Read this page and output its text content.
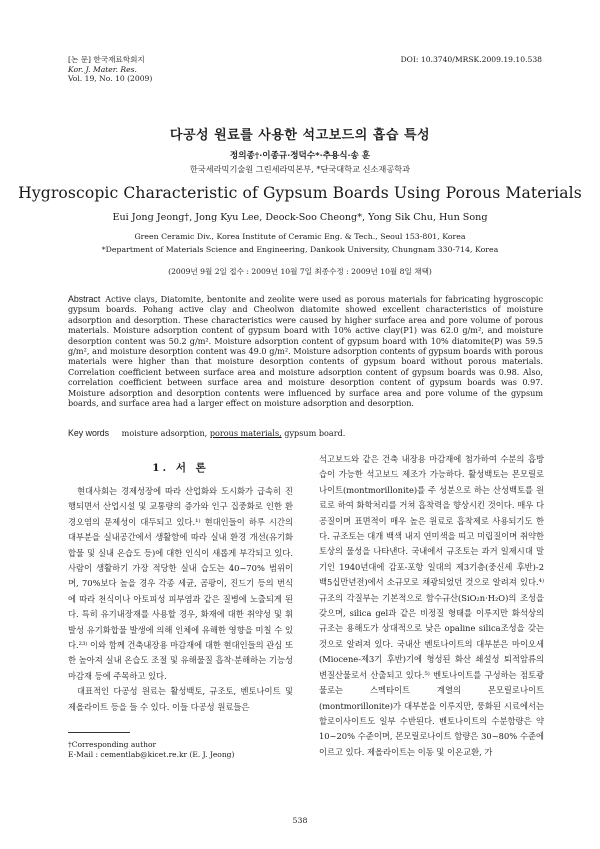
[논 문] 한국재료학회지
Kor. J. Mater. Res.
Vol. 19, No. 10 (2009)
DOI: 10.3740/MRSK.2009.19.10.538
다공성 원료를 사용한 석고보드의 흡습 특성
정의종†·이종규·정덕수*·추용식·송 훈
한국세라믹기술원 그린세라믹본부, *단국대학교 신소재공학과
Hygroscopic Characteristic of Gypsum Boards Using Porous Materials
Eui Jong Jeong†, Jong Kyu Lee, Deock-Soo Cheong*, Yong Sik Chu, Hun Song
Green Ceramic Div., Korea Institute of Ceramic Eng. & Tech., Seoul 153-801, Korea
*Department of Materials Science and Engineering, Dankook University, Chungnam 330-714, Korea
(2009년 9월 2일 접수 : 2009년 10월 7일 최종수정 : 2009년 10월 8일 채택)
Abstract Active clays, Diatomite, bentonite and zeolite were used as porous materials for fabricating hygroscopic gypsum boards. Pohang active clay and Cheolwon diatomite showed excellent characteristics of moisture adsorption and desorption. These characteristics were caused by higher surface area and pore volume of porous materials. Moisture adsorption content of gypsum board with 10% active clay(P1) was 62.0 g/m², and moisture desorption content was 50.2 g/m². Moisture adsorption content of gypsum board with 10% diatomite(P) was 59.5 g/m², and moisture desorption content was 49.0 g/m². Moisture adsorption contents of gypsum boards with porous materials were higher than that moisture desorption contents of gypsum board without porous materials. Correlation coefficient between surface area and moisture adsorption content of gypsum boards was 0.98. Also, correlation coefficient between surface area and moisture desorption content of gypsum boards was 0.97. Moisture adsorption and desorption contents were influenced by surface area and pore volume of the gypsum boards, and surface area had a larger effect on moisture adsorption and desorption.
Key words moisture adsorption, porous materials, gypsum board.
1. 서 론

현대사회는 경제성장에 따라 산업화와 도시화가 급속히 진행되면서 산업시설 및 교통량의 증가와 인구 집중화로 인한 환경오염의 문제성이 대두되고 있다.¹⁾ 현대인들이 하루 시간의 대부분을 실내공간에서 생활함에 따라 실내 환경 개선(유기화합물 및 실내 온습도 등)에 대한 인식이 새롭게 부각되고 있다. 사람이 생활하기 가장 적당한 실내 습도는 40~70% 범위이며, 70%보다 높을 경우 각종 세균, 곰팡이, 진드기 등의 번식에 따라 천식이나 아토피성 피부염과 같은 질병에 노출되게 된다. 특히 유기내장재를 사용할 경우, 화재에 대한 취약성 및 휘발성 유기화합물 발생에 의해 인체에 유해한 영향을 미칠 수 있다.²³⁾ 이와 함께 건축내장용 마감재에 대한 현대인들의 관심 또한 높아져 실내 온습도 조절 및 유해물질 흡착·분해하는 기능성 마감재 등에 주목하고 있다.

대표적인 다공성 원료는 활성백토, 규조토, 벤토나이트 및 제올라이트 등을 들 수 있다. 이들 다공성 원료들은

석고보드와 같은 건축 내장용 마감재에 첨가하여 수분의 흡방습이 가능한 석고보드 제조가 가능하다. 활성백토는 몬모릴로나이트(montmorillonite)를 주 성분으로 하는 산성백토를 원료로 하여 화학처리를 거쳐 흡착력을 향상시킨 것이다. 매우 다공질이며 표면적이 매우 높은 원료로 흡착제로 사용되기도 한다. 규조토는 대개 백색 내지 연미색을 띠고 미립질이며 취약한 토상의 물성을 나타낸다. 국내에서 규조토는 과거 일제시대 말기인 1940년대에 감포-포항 일대의 제3기층(중신세 후반)-2백5십만년전)에서 소규모로 채광되었던 것으로 알려져 있다.⁴⁾ 규조의 각질부는 기본적으로 함수규산(SiO₂n·H₂O)의 조성을 갖으며, silica gel과 같은 비정질 형태를 이루지만 화석상의 규조는 용해도가 상대적으로 낮은 opaline silica조성을 갖는 것으로 알려져 있다. 국내산 벤토나이트의 대부분은 마이오세(Miocene-제3기 후반)기에 형성된 화산 쇄설성 퇴적암류의 변질산물로서 산출되고 있다.⁵⁾ 벤토나이트를 구성하는 점토광물로는 스멕타이트 계열의 몬모릴로나이트(montmorillonite)가 대부분을 이루지만, 풍화된 시료에서는 할로이사이트도 일부 수반된다. 벤토나이트의 수분함량은 약 10~20% 수준이며, 몬모릴로나이트 함량은 30~80% 수준에 이르고 있다. 제올라이트는 이동 및 이온교환, 가

†Corresponding author
E-Mail : cementlab@kicet.re.kr (E. J. Jeong)
538
